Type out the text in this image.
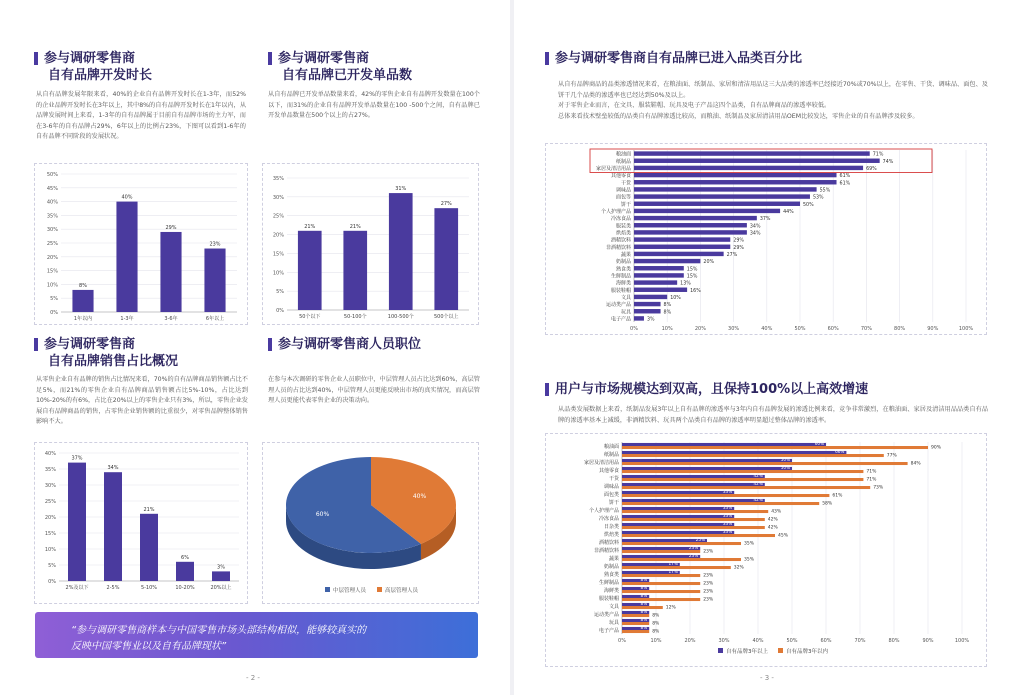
参与调研零售商
自有品牌开发时长
从自有品牌发展年限来看，40%的企业自有品牌开发时长在1-3年，而52%的企业品牌开发时长在3年以上，其中8%的自有品牌开发时长在1年以内，从品牌发展时间上来看，1-3年的自有品牌属于目前自有品牌市场的主力军，而在3-6年的自有品牌占29%，6年以上的比例占23%，下图可以看到1-6年的自有品牌不同阶段的发展状况。
0%
5%
10%
15%
20%
25%
30%
35%
40%
45%
50%
8%
1年以内
40%
1-3年
29%
3-6年
23%
6年以上
参与调研零售商
自有品牌已开发单品数
从自有品牌已开发单品数量来看，42%的零售企业自有品牌开发数量在100个以下，而31%的企业自有品牌开发单品数量在100 -500个之间，自有品牌已开发单品数量在500个以上的占27%。
0%
5%
10%
15%
20%
25%
30%
35%
21%
50个以下
21%
50-100个
31%
100-500个
27%
500个以上
参与调研零售商
自有品牌销售占比概况
从零售企业自有品牌的销售占比情况来看，70%的自有品牌商品销售额占比不足5%，而21%的零售企业自有品牌商品销售额占比5%-10%，占比达到10%-20%的有6%，占比在20%以上的零售企业只有3%，所以，零售企业发展自有品牌商品的销售，占零售企业销售额的比重很少，对零售品牌整体销售影响不大。
0%
5%
10%
15%
20%
25%
30%
35%
40%
37%
2%及以下
34%
2-5%
21%
5-10%
6%
10-20%
3%
20%以上
参与调研零售商人员职位
在参与本次调研的零售企业人员职位中，中层管理人员占比达到60%，高层管理人员的占比达到40%，中层管理人员更能反映出市场的真实情况，而高层管理人员更能代表零售企业的决策动向。
60%
40%
中层管理人员	高层管理人员
“参与调研零售商样本与中国零售市场头部结构相似，能够较真实的
反映中国零售业以及自有品牌现状”
- 2 -	- 3 -
参与调研零售商自有品牌已进入品类百分比
从自有品牌商品的品类渗透情况来看，在粮油面、纸制品、家居和清洁用品这三大品类的渗透率已经接近70%或70%以上，在零售、干货、调味品、面包、及饼干几个品类的渗透率也已经达到50%及以上。
对于零售企业而言，在文具、服装鞋帽、玩具及电子产品这四个品类，自有品牌商品的渗透率较低。
总体来看技术壁垒较低的品类自有品牌渗透比较高，而粮油、纸制品及家居清洁用品OEM比较发达，零售企业的自有品牌涉及较多。
0%	10%	20%	30%	40%	50%	60%	70%	80%	90%	100%
粮油面	71%
纸制品	74%
家居及清洁用品	69%
其他零食	61%
干货	61%
调味品	55%
面包等	53%
饼干	50%
个人护理产品	44%
冷冻食品	37%
服装类	34%
烘焙类	34%
酒精饮料	29%
非酒精饮料	29%
蔬果	27%
奶制品	20%
熟食类	15%
生鲜制品	15%
海鲜类	13%
服装鞋帽	16%
文具	10%
运动类产品	8%
玩具	8%
电子产品	3%
用户与市场规模达到双高，且保持100%以上高效增速
从品类发展数据上来看，纸制品发展3年以上自有品牌的渗透率与3年内自有品牌发展的渗透比例来看，竞争非常激烈，在粮油面、家居及清洁用品品类自有品牌的渗透率基本上减缓，非酒精饮料、玩具两个品类自有品牌的渗透率明显超过整体品牌的渗透率。
0%	10%	20%	30%	40%	50%	60%	70%	80%	90%	100%
粮油面
60%
90%
纸制品
66%
77%
家居及清洁用品
50%
84%
其他零食
50%
71%
干货
42%
71%
调味品
42%
73%
面包类
33%
61%
饼干
42%
58%
个人护理产品
33%
43%
冷冻食品
33%
42%
日杂类
33%
42%
烘焙类
33%
45%
酒精饮料
25%
35%
非酒精饮料
23%
23%
蔬果
23%
35%
奶制品
17%
32%
熟食类
17%
23%
生鲜制品
8%
23%
海鲜类
8%
23%
服装鞋帽
8%
23%
文具
8%
12%
运动类产品
8%
8%
玩具
8%
8%
电子产品
8%
8%
自有品牌3年以上	自有品牌3年以内
